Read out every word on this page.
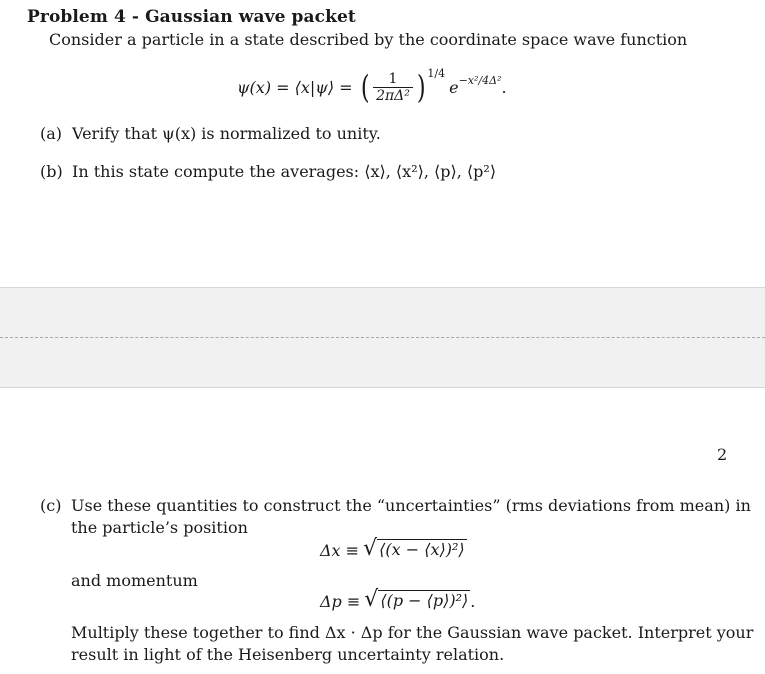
Problem 4 - Gaussian wave packet
Consider a particle in a state described by the coordinate space wave function
ψ(x) = ⟨x|ψ⟩ = ( $\frac{1}{\text{2πΔ²}}$ ) 1/4
e −x²/4Δ² .
(a) Verify that ψ(x) is normalized to unity.
(b) In this state compute the averages: ⟨x⟩, ⟨x²⟩, ⟨p⟩, ⟨p²⟩
2
(c) Use these quantities to construct the “uncertainties” (rms deviations from mean) in
the particle’s position
Δx ≡ √ ⟨(x − ⟨x⟩)²⟩
and momentum
Δp ≡ √ ⟨(p − ⟨p⟩)²⟩ .
Multiply these together to find Δx · Δp for the Gaussian wave packet. Interpret your
result in light of the Heisenberg uncertainty relation.
